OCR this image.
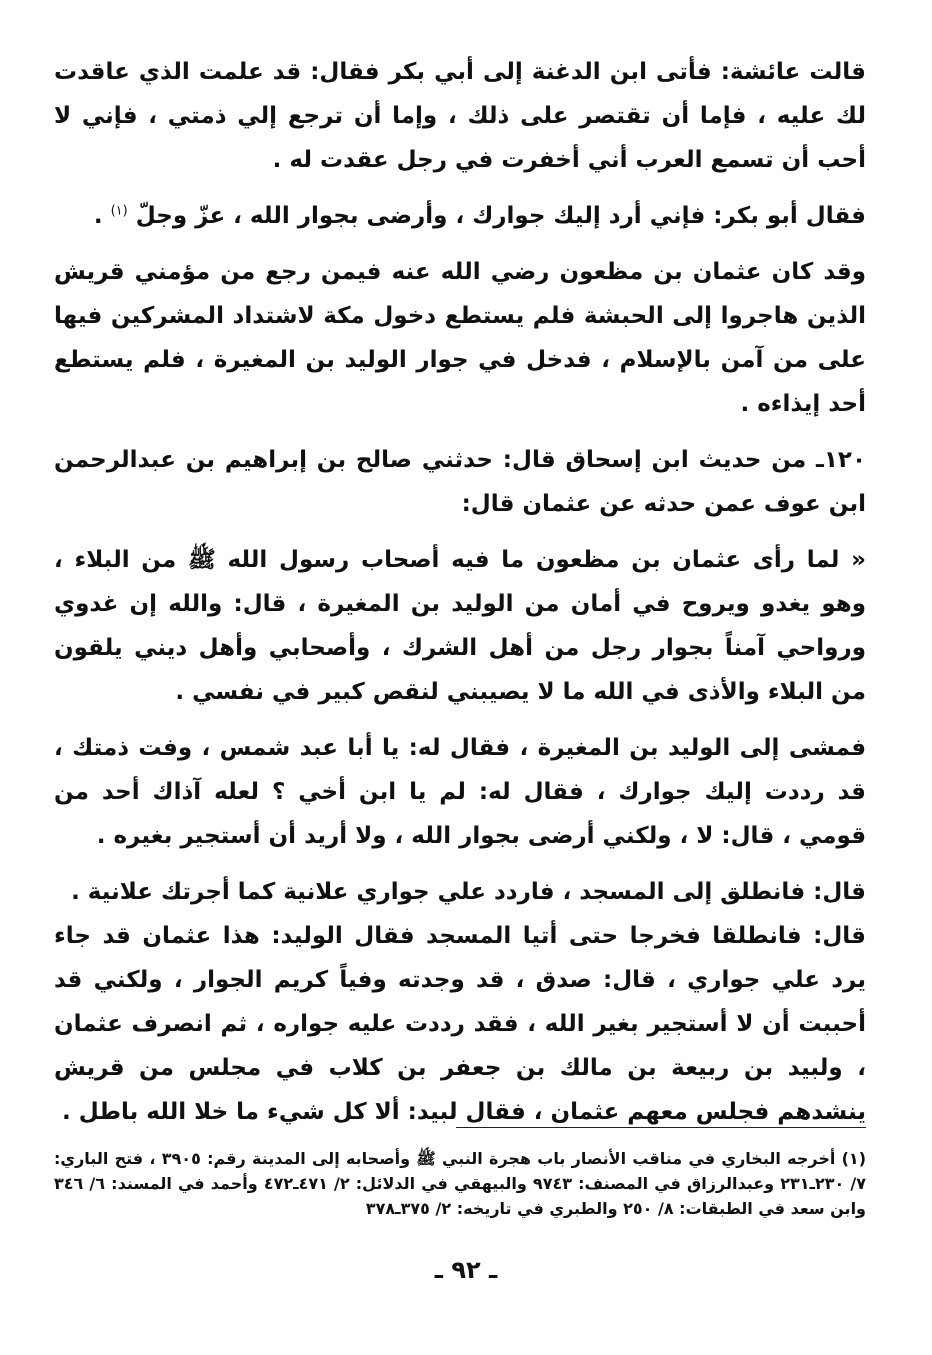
قالت عائشة: فأتى ابن الدغنة إلى أبي بكر فقال: قد علمت الذي عاقدت لك عليه ، فإما أن تقتصر على ذلك ، وإما أن ترجع إلي ذمتي ، فإني لا أحب أن تسمع العرب أني أخفرت في رجل عقدت له .

فقال أبو بكر: فإني أرد إليك جوارك ، وأرضى بجوار الله ، عزّ وجلّ $^{(١)}$ .

وقد كان عثمان بن مظعون رضي الله عنه فيمن رجع من مؤمني قريش الذين هاجروا إلى الحبشة فلم يستطع دخول مكة لاشتداد المشركين فيها على من آمن بالإسلام ، فدخل في جوار الوليد بن المغيرة ، فلم يستطع أحد إيذاءه .

١٢٠ـ من حديث ابن إسحاق قال: حدثني صالح بن إبراهيم بن عبدالرحمن ابن عوف عمن حدثه عن عثمان قال:

« لما رأى عثمان بن مظعون ما فيه أصحاب رسول الله ﷺ من البلاء ، وهو يغدو ويروح في أمان من الوليد بن المغيرة ، قال: والله إن غدوي ورواحي آمناً بجوار رجل من أهل الشرك ، وأصحابي وأهل ديني يلقون من البلاء والأذى في الله ما لا يصيبني لنقص كبير في نفسي .

فمشى إلى الوليد بن المغيرة ، فقال له: يا أبا عبد شمس ، وفت ذمتك ، قد رددت إليك جوارك ، فقال له: لم يا ابن أخي ؟ لعله آذاك أحد من قومي ، قال: لا ، ولكني أرضى بجوار الله ، ولا أريد أن أستجير بغيره .

قال: فانطلق إلى المسجد ، فاردد علي جواري علانية كما أجرتك علانية .

قال: فانطلقا فخرجا حتى أتيا المسجد فقال الوليد: هذا عثمان قد جاء يرد علي جواري ، قال: صدق ، قد وجدته وفياً كريم الجوار ، ولكني قد أحببت أن لا أستجير بغير الله ، فقد رددت عليه جواره ، ثم انصرف عثمان ، ولبيد بن ربيعة بن مالك بن جعفر بن كلاب في مجلس من قريش ينشدهم فجلس معهم عثمان ، فقال لبيد: ألا كل شيء ما خلا الله باطل .

(١) أخرجه البخاري في مناقب الأنصار باب هجرة النبي ﷺ وأصحابه إلى المدينة رقم: ٣٩٠٥ ، فتح الباري: ٧/ ٢٣٠ـ٢٣١ وعبدالرزاق في المصنف: ٩٧٤٣ والبيهقي في الدلائل: ٢/ ٤٧١ـ٤٧٢ وأحمد في المسند: ٦/ ٣٤٦ وابن سعد في الطبقات: ٨/ ٢٥٠ والطبري في تاريخه: ٢/ ٣٧٥ـ٣٧٨
ـ ٩٢ ـ
